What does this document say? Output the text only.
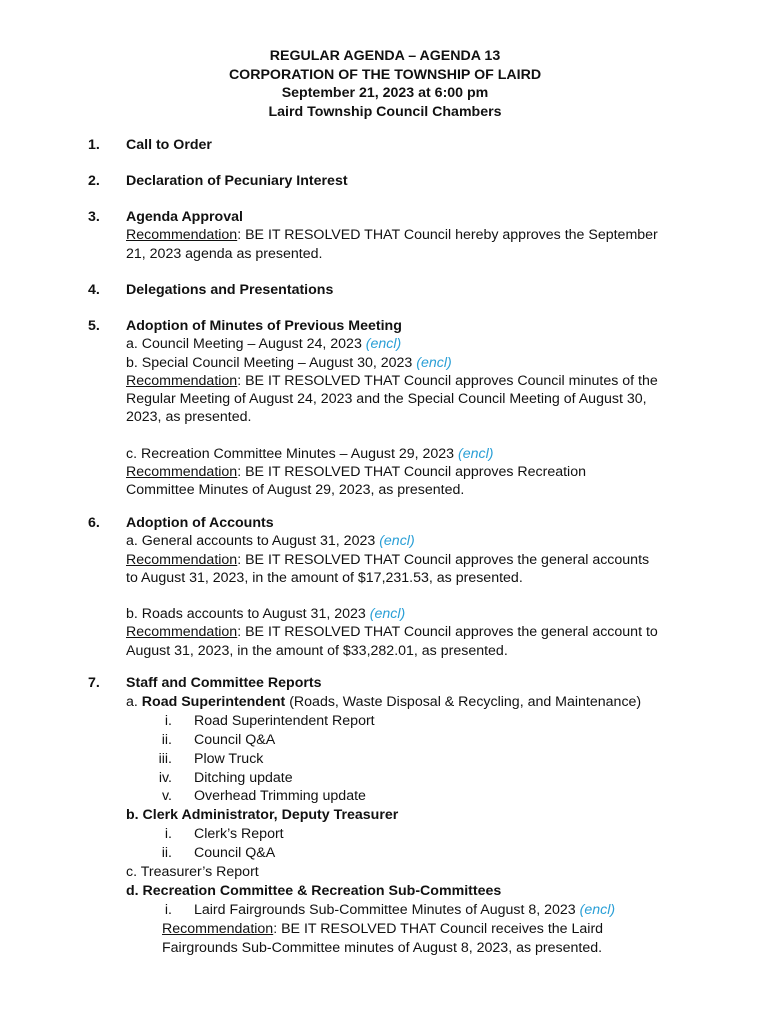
REGULAR AGENDA – AGENDA 13
CORPORATION OF THE TOWNSHIP OF LAIRD
September 21, 2023 at 6:00 pm
Laird Township Council Chambers
1. Call to Order
2. Declaration of Pecuniary Interest
3. Agenda Approval
Recommendation: BE IT RESOLVED THAT Council hereby approves the September
21, 2023 agenda as presented.
4. Delegations and Presentations
5. Adoption of Minutes of Previous Meeting
a. Council Meeting – August 24, 2023 (encl)
b. Special Council Meeting – August 30, 2023 (encl)
Recommendation: BE IT RESOLVED THAT Council approves Council minutes of the
Regular Meeting of August 24, 2023 and the Special Council Meeting of August 30,
2023, as presented.
c. Recreation Committee Minutes – August 29, 2023 (encl)
Recommendation: BE IT RESOLVED THAT Council approves Recreation
Committee Minutes of August 29, 2023, as presented.
6. Adoption of Accounts
a. General accounts to August 31, 2023 (encl)
Recommendation: BE IT RESOLVED THAT Council approves the general accounts
to August 31, 2023, in the amount of $17,231.53, as presented.
b. Roads accounts to August 31, 2023 (encl)
Recommendation: BE IT RESOLVED THAT Council approves the general account to
August 31, 2023, in the amount of $33,282.01, as presented.
7. Staff and Committee Reports
a. Road Superintendent (Roads, Waste Disposal & Recycling, and Maintenance)
i. Road Superintendent Report
ii. Council Q&A
iii. Plow Truck
iv. Ditching update
v. Overhead Trimming update
b. Clerk Administrator, Deputy Treasurer
i. Clerk’s Report
ii. Council Q&A
c. Treasurer’s Report
d. Recreation Committee & Recreation Sub-Committees
i. Laird Fairgrounds Sub-Committee Minutes of August 8, 2023 (encl)
Recommendation: BE IT RESOLVED THAT Council receives the Laird
Fairgrounds Sub-Committee minutes of August 8, 2023, as presented.
